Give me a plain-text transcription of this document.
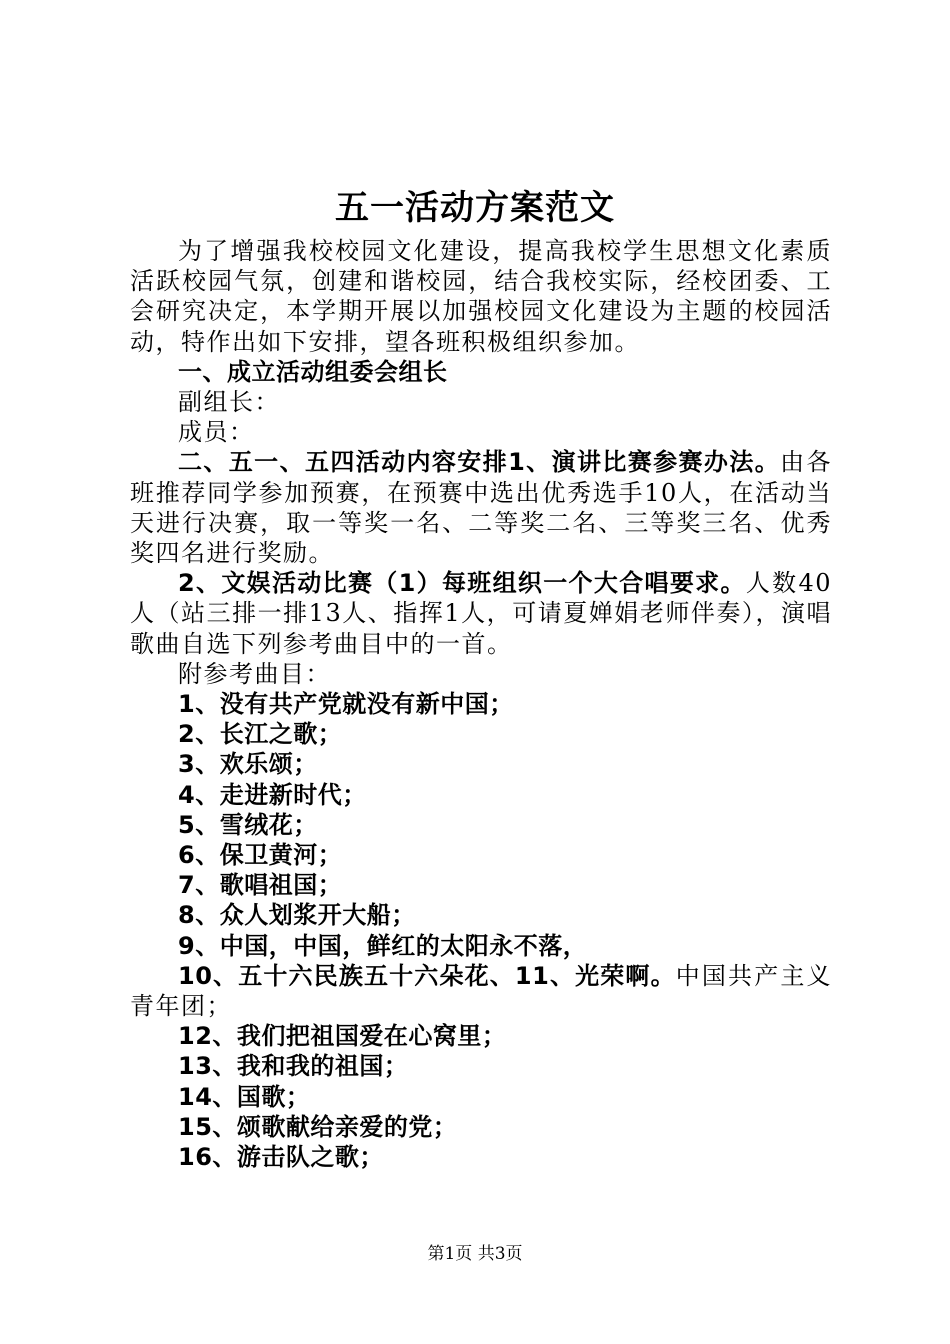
五一活动方案范文

为了增强我校校园文化建设，提高我校学生思想文化素质活跃校园气氛，创建和谐校园，结合我校实际，经校团委、工会研究决定，本学期开展以加强校园文化建设为主题的校园活动，特作出如下安排，望各班积极组织参加。

一、成立活动组委会组长

副组长：

成员：

二、五一、五四活动内容安排1、演讲比赛参赛办法。由各班推荐同学参加预赛，在预赛中选出优秀选手10人，在活动当天进行决赛，取一等奖一名、二等奖二名、三等奖三名、优秀奖四名进行奖励。

2、文娱活动比赛（1）每班组织一个大合唱要求。人数40人（站三排一排13人、指挥1人，可请夏婵娟老师伴奏），演唱歌曲自选下列参考曲目中的一首。

附参考曲目：

1、没有共产党就没有新中国；

2、长江之歌；

3、欢乐颂；

4、走进新时代；

5、雪绒花；

6、保卫黄河；

7、歌唱祖国；

8、众人划浆开大船；

9、中国，中国，鲜红的太阳永不落，

10、五十六民族五十六朵花、11、光荣啊。中国共产主义青年团；

12、我们把祖国爱在心窝里；

13、我和我的祖国；

14、国歌；

15、颂歌献给亲爱的党；

16、游击队之歌；

第1页 共3页
